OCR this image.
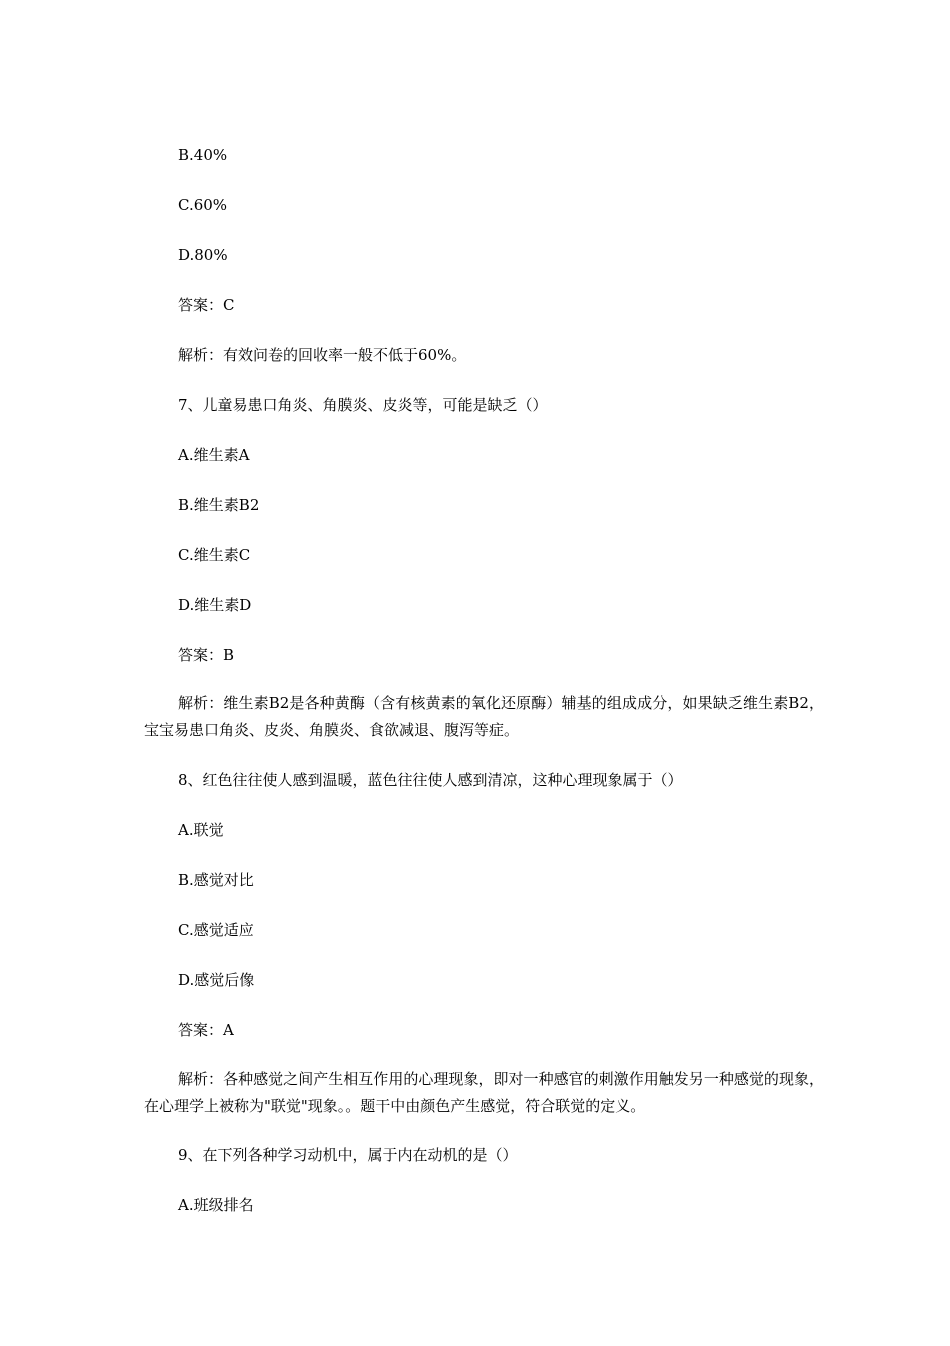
B.40%
C.60%
D.80%
答案：C
解析：有效问卷的回收率一般不低于60%。
7、儿童易患口角炎、角膜炎、皮炎等，可能是缺乏（）
A.维生素A
B.维生素B2
C.维生素C
D.维生素D
答案：B
解析：维生素B2是各种黄酶（含有核黄素的氧化还原酶）辅基的组成成分，如果缺乏维生素B2，宝宝易患口角炎、皮炎、角膜炎、食欲减退、腹泻等症。
8、红色往往使人感到温暖，蓝色往往使人感到清凉，这种心理现象属于（）
A.联觉
B.感觉对比
C.感觉适应
D.感觉后像
答案：A
解析：各种感觉之间产生相互作用的心理现象，即对一种感官的刺激作用触发另一种感觉的现象，在心理学上被称为"联觉"现象。。题干中由颜色产生感觉，符合联觉的定义。
9、在下列各种学习动机中，属于内在动机的是（）
A.班级排名
